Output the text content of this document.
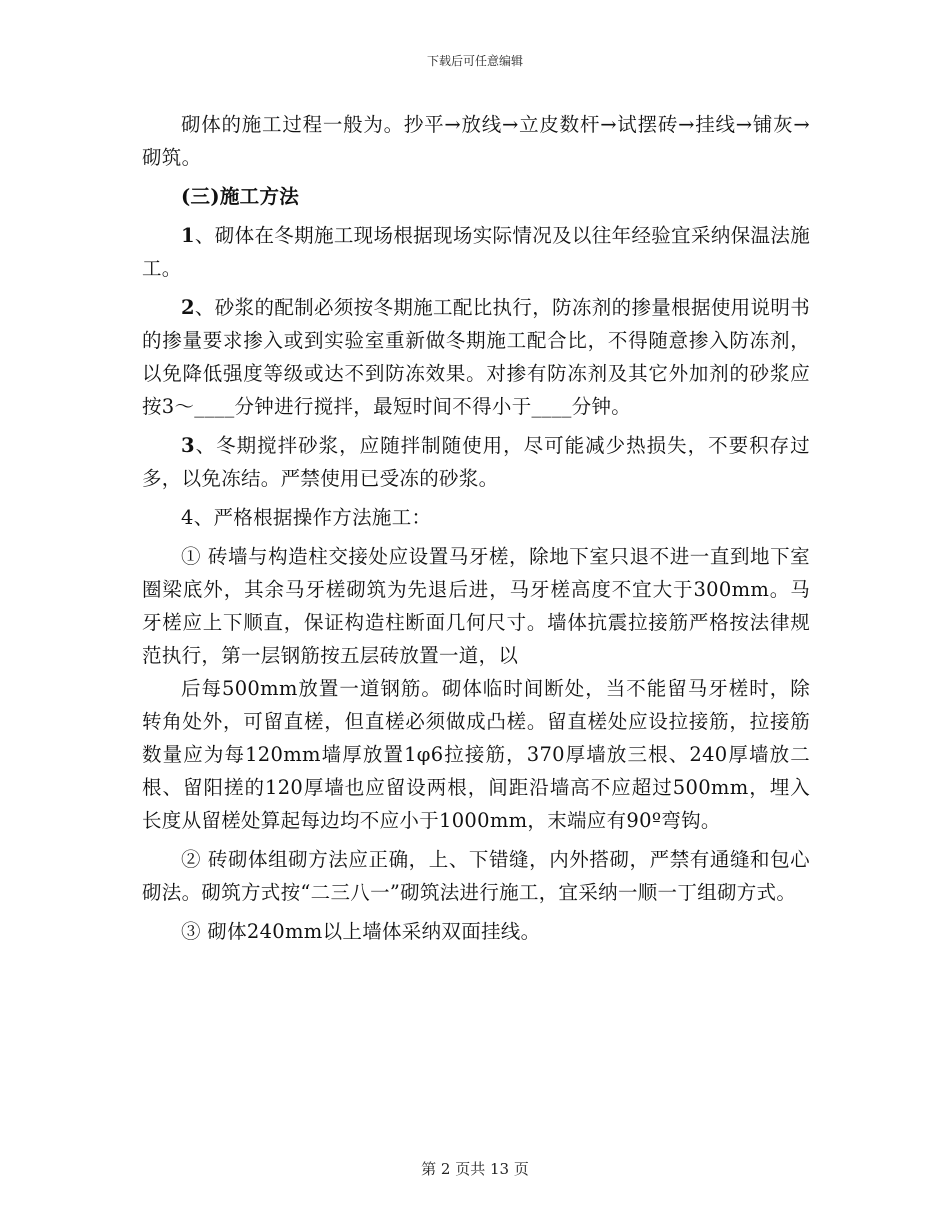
下载后可任意编辑

砌体的施工过程一般为。抄平→放线→立皮数杆→试摆砖→挂线→铺灰→砌筑。

(三)施工方法

1、砌体在冬期施工现场根据现场实际情况及以往年经验宜采纳保温法施工。

2、砂浆的配制必须按冬期施工配比执行，防冻剂的掺量根据使用说明书的掺量要求掺入或到实验室重新做冬期施工配合比，不得随意掺入防冻剂，以免降低强度等级或达不到防冻效果。对掺有防冻剂及其它外加剂的砂浆应按3～____分钟进行搅拌，最短时间不得小于____分钟。

3、冬期搅拌砂浆，应随拌制随使用，尽可能减少热损失，不要积存过多，以免冻结。严禁使用已受冻的砂浆。

4、严格根据操作方法施工：

① 砖墙与构造柱交接处应设置马牙槎，除地下室只退不进一直到地下室圈梁底外，其余马牙槎砌筑为先退后进，马牙槎高度不宜大于300mm。马牙槎应上下顺直，保证构造柱断面几何尺寸。墙体抗震拉接筋严格按法律规范执行，第一层钢筋按五层砖放置一道，以

后每500mm放置一道钢筋。砌体临时间断处，当不能留马牙槎时，除转角处外，可留直槎，但直槎必须做成凸槎。留直槎处应设拉接筋，拉接筋数量应为每120mm墙厚放置1φ6拉接筋，370厚墙放三根、240厚墙放二根、留阳搓的120厚墙也应留设两根，间距沿墙高不应超过500mm，埋入长度从留槎处算起每边均不应小于1000mm，末端应有90º弯钩。

② 砖砌体组砌方法应正确，上、下错缝，内外搭砌，严禁有通缝和包心砌法。砌筑方式按“二三八一”砌筑法进行施工，宜采纳一顺一丁组砌方式。

③ 砌体240mm以上墙体采纳双面挂线。

第 2 页共 13 页
